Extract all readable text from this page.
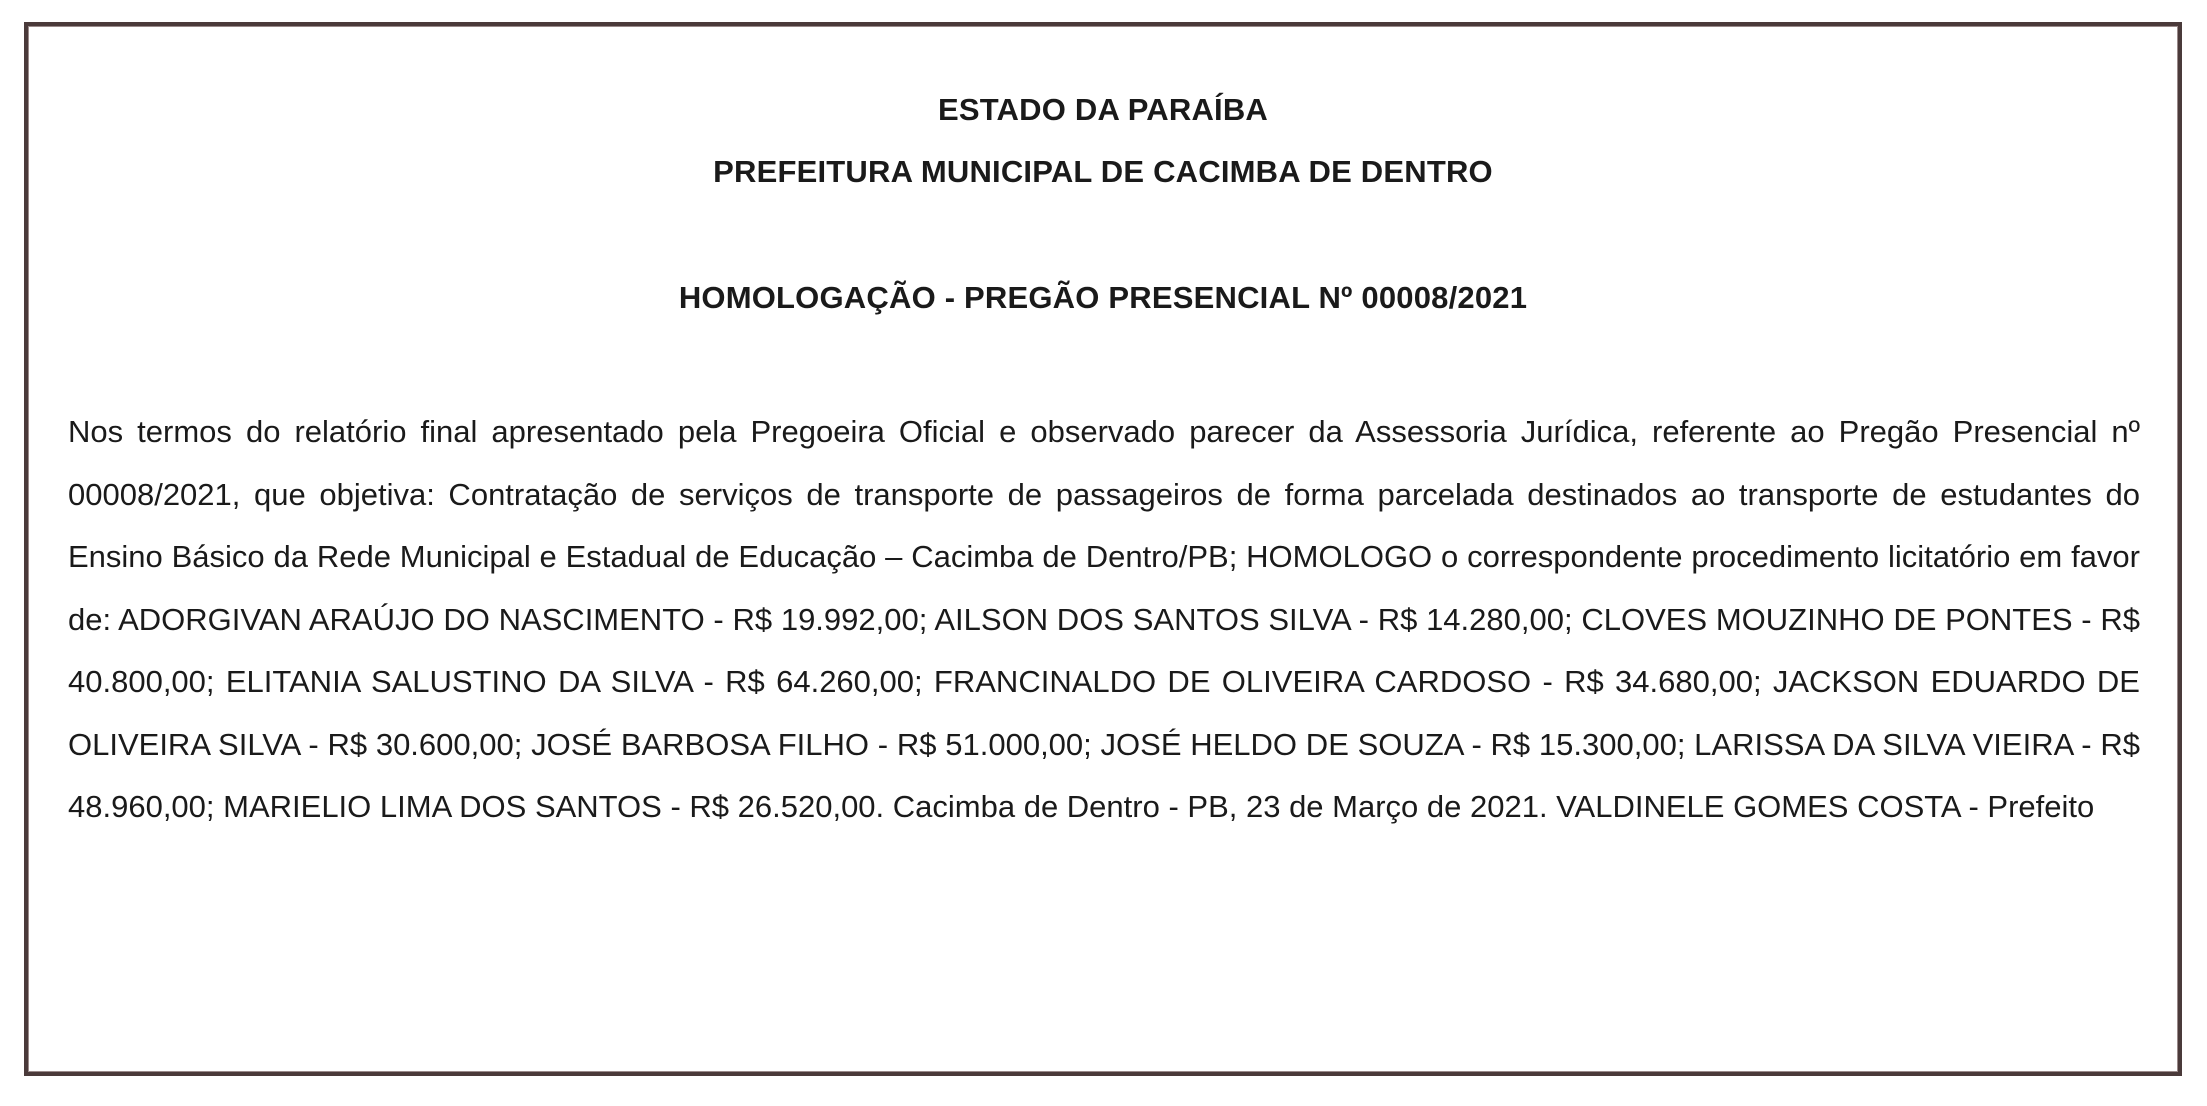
ESTADO DA PARAÍBA
PREFEITURA MUNICIPAL DE CACIMBA DE DENTRO
HOMOLOGAÇÃO - PREGÃO PRESENCIAL Nº 00008/2021
Nos termos do relatório final apresentado pela Pregoeira Oficial e observado parecer da Assessoria Jurídica, referente ao Pregão Presencial nº 00008/2021, que objetiva: Contratação de serviços de transporte de passageiros de forma parcelada destinados ao transporte de estudantes do Ensino Básico da Rede Municipal e Estadual de Educação – Cacimba de Dentro/PB; HOMOLOGO o correspondente procedimento licitatório em favor de: ADORGIVAN ARAÚJO DO NASCIMENTO - R$ 19.992,00; AILSON DOS SANTOS SILVA - R$ 14.280,00; CLOVES MOUZINHO DE PONTES - R$ 40.800,00; ELITANIA SALUSTINO DA SILVA - R$ 64.260,00; FRANCINALDO DE OLIVEIRA CARDOSO - R$ 34.680,00; JACKSON EDUARDO DE OLIVEIRA SILVA - R$ 30.600,00; JOSÉ BARBOSA FILHO - R$ 51.000,00; JOSÉ HELDO DE SOUZA - R$ 15.300,00; LARISSA DA SILVA VIEIRA - R$ 48.960,00; MARIELIO LIMA DOS SANTOS - R$ 26.520,00. Cacimba de Dentro - PB, 23 de Março de 2021. VALDINELE GOMES COSTA - Prefeito
